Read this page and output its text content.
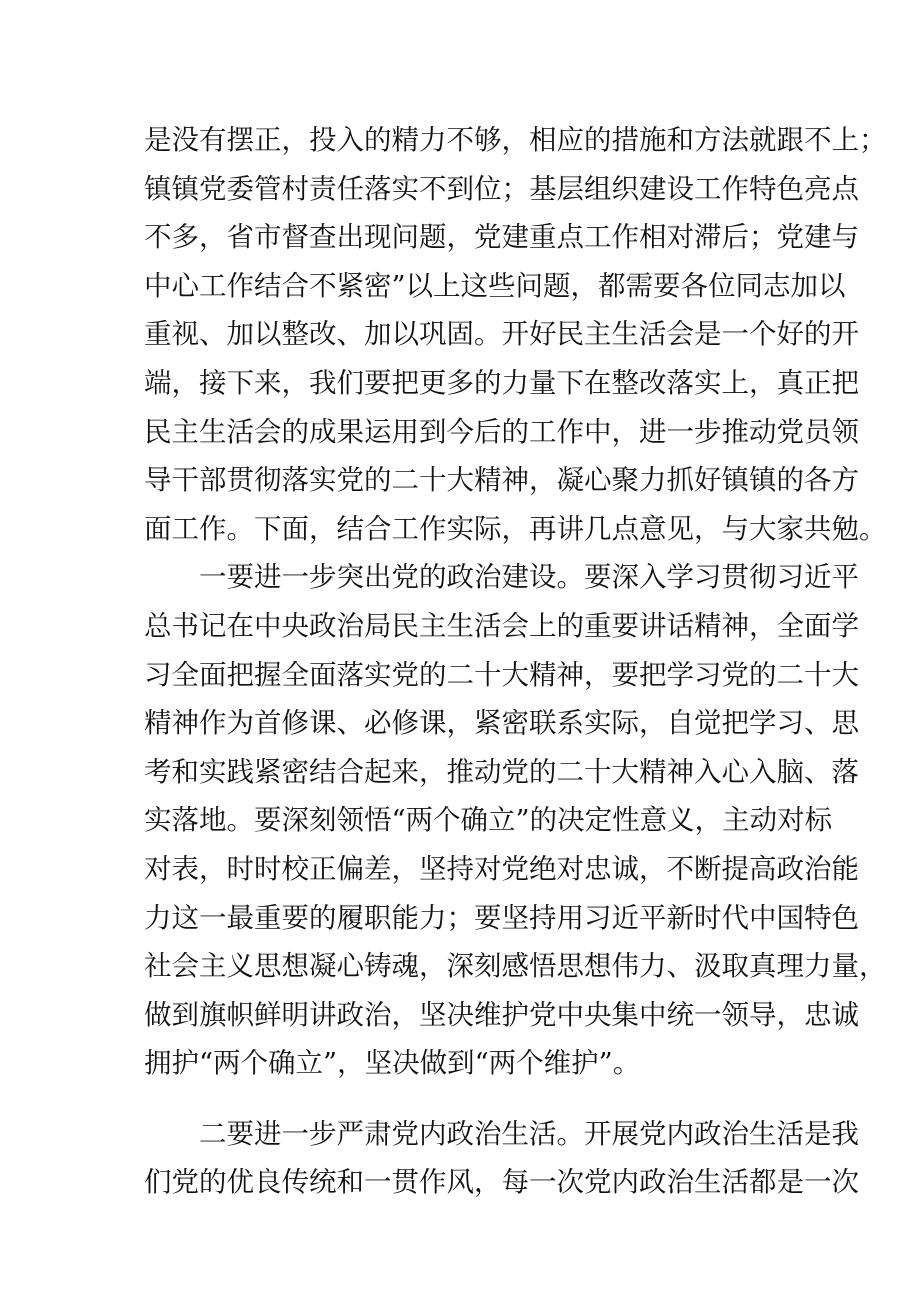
是没有摆正，投入的精力不够，相应的措施和方法就跟不上；
镇镇党委管村责任落实不到位；基层组织建设工作特色亮点
不多，省市督查出现问题，党建重点工作相对滞后；党建与
中心工作结合不紧密”以上这些问题，都需要各位同志加以
重视、加以整改、加以巩固。开好民主生活会是一个好的开
端，接下来，我们要把更多的力量下在整改落实上，真正把
民主生活会的成果运用到今后的工作中，进一步推动党员领
导干部贯彻落实党的二十大精神，凝心聚力抓好镇镇的各方
面工作。下面，结合工作实际，再讲几点意见，与大家共勉。
一要进一步突出党的政治建设。要深入学习贯彻习近平
总书记在中央政治局民主生活会上的重要讲话精神，全面学
习全面把握全面落实党的二十大精神，要把学习党的二十大
精神作为首修课、必修课，紧密联系实际，自觉把学习、思
考和实践紧密结合起来，推动党的二十大精神入心入脑、落
实落地。要深刻领悟“两个确立”的决定性意义，主动对标
对表，时时校正偏差，坚持对党绝对忠诚，不断提高政治能
力这一最重要的履职能力；要坚持用习近平新时代中国特色
社会主义思想凝心铸魂，深刻感悟思想伟力、汲取真理力量，
做到旗帜鲜明讲政治，坚决维护党中央集中统一领导，忠诚
拥护“两个确立”，坚决做到“两个维护”。
二要进一步严肃党内政治生活。开展党内政治生活是我
们党的优良传统和一贯作风，每一次党内政治生活都是一次
